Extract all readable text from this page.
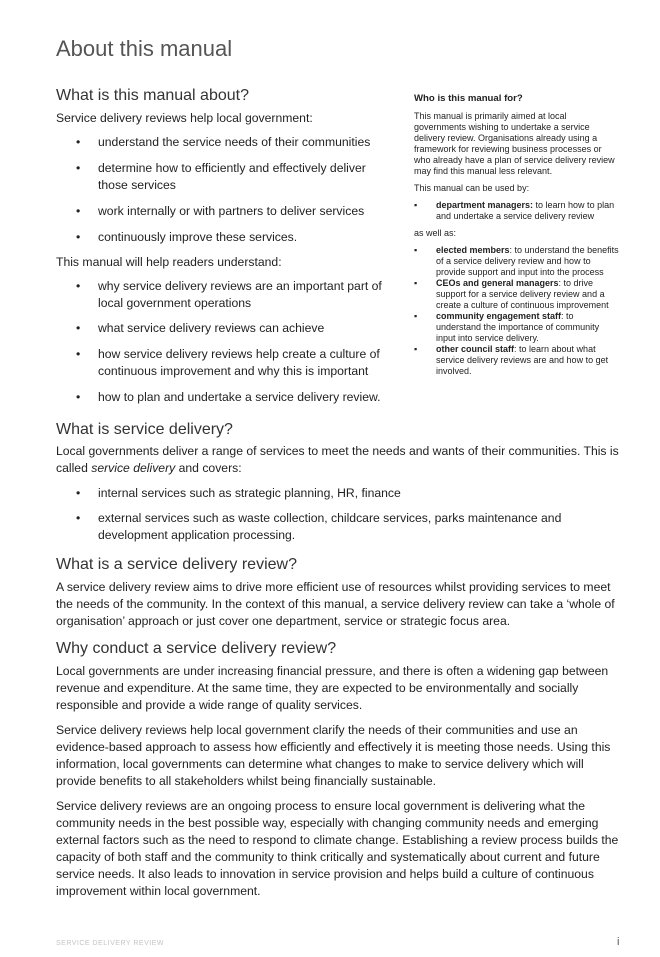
About this manual
What is this manual about?

Service delivery reviews help local government:

• understand the service needs of their communities
• determine how to efficiently and effectively deliver those services
• work internally or with partners to deliver services
• continuously improve these services.

This manual will help readers understand:

• why service delivery reviews are an important part of local government operations
• what service delivery reviews can achieve
• how service delivery reviews help create a culture of continuous improvement and why this is important
• how to plan and undertake a service delivery review.
Who is this manual for?

This manual is primarily aimed at local governments wishing to undertake a service delivery review. Organisations already using a framework for reviewing business processes or who already have a plan of service delivery review may find this manual less relevant.

This manual can be used by:

▪ department managers: to learn how to plan and undertake a service delivery review

as well as:

▪ elected members: to understand the benefits of a service delivery review and how to provide support and input into the process
▪ CEOs and general managers: to drive support for a service delivery review and a create a culture of continuous improvement
▪ community engagement staff: to understand the importance of community input into service delivery.
▪ other council staff: to learn about what service delivery reviews are and how to get involved.
What is service delivery?

Local governments deliver a range of services to meet the needs and wants of their communities. This is called service delivery and covers:

• internal services such as strategic planning, HR, finance
• external services such as waste collection, childcare services, parks maintenance and development application processing.
What is a service delivery review?

A service delivery review aims to drive more efficient use of resources whilst providing services to meet the needs of the community. In the context of this manual, a service delivery review can take a ‘whole of organisation’ approach or just cover one department, service or strategic focus area.

Why conduct a service delivery review?

Local governments are under increasing financial pressure, and there is often a widening gap between revenue and expenditure. At the same time, they are expected to be environmentally and socially responsible and provide a wide range of quality services.

Service delivery reviews help local government clarify the needs of their communities and use an evidence-based approach to assess how efficiently and effectively it is meeting those needs. Using this information, local governments can determine what changes to make to service delivery which will provide benefits to all stakeholders whilst being financially sustainable.

Service delivery reviews are an ongoing process to ensure local government is delivering what the community needs in the best possible way, especially with changing community needs and emerging external factors such as the need to respond to climate change. Establishing a review process builds the capacity of both staff and the community to think critically and systematically about current and future service needs. It also leads to innovation in service provision and helps build a culture of continuous improvement within local government.

SERVICE DELIVERY REVIEW	i
